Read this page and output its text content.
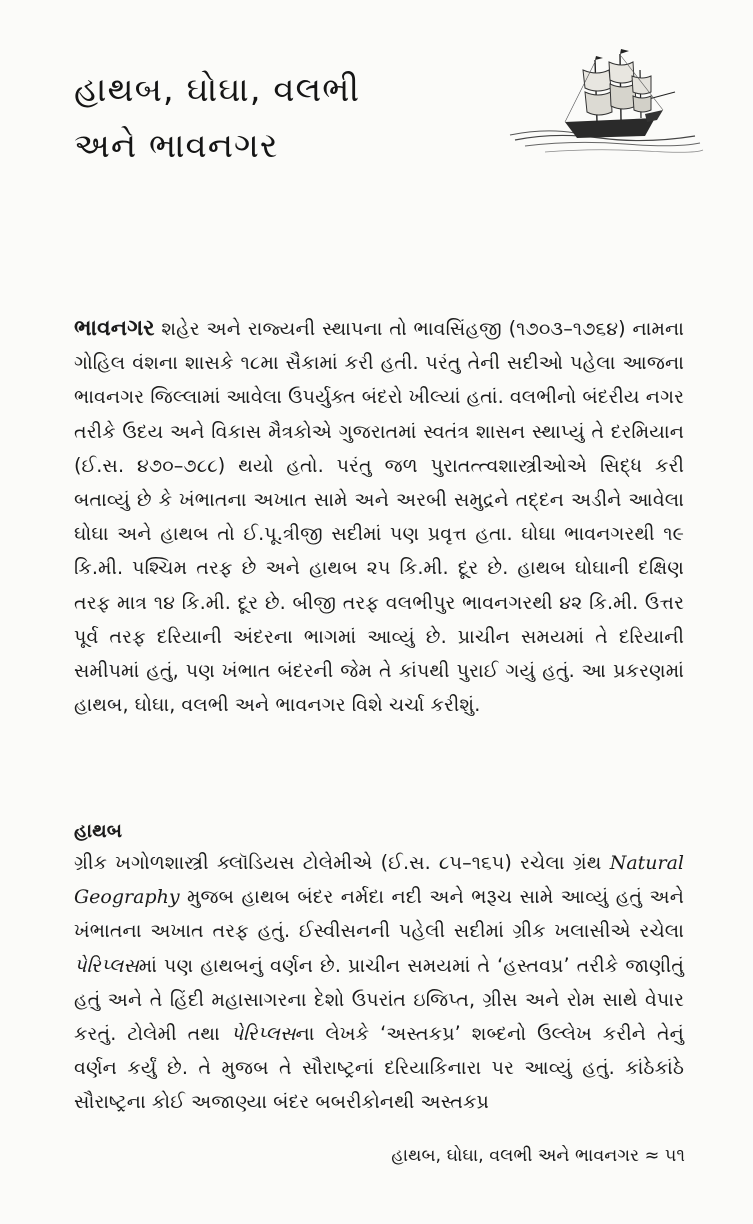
હાથબ, ઘોઘા, વલભી
અને ભાવનગર
ભાવનગર શહેર અને રાજ્યની સ્થાપના તો ભાવસિંહજી (૧૭૦૩–૧૭૬૪) નામના ગોહિલ વંશના શાસકે ૧૮મા સૈકામાં કરી હતી. પરંતુ તેની સદીઓ પહેલા આજના ભાવનગર જિલ્લામાં આવેલા ઉપર્યુક્ત બંદરો ખીલ્યાં હતાં. વલભીનો બંદરીય નગર તરીકે ઉદય અને વિકાસ મૈત્રકોએ ગુજરાતમાં સ્વતંત્ર શાસન સ્થાપ્યું તે દરમિયાન (ઈ.સ. ૪૭૦–૭૮૮) થયો હતો. પરંતુ જળ પુરાતત્ત્વશાસ્ત્રીઓએ સિદ્ધ કરી બતાવ્યું છે કે ખંભાતના અખાત સામે અને અરબી સમુદ્રને તદ્દન અડીને આવેલા ઘોઘા અને હાથબ તો ઈ.પૂ.ત્રીજી સદીમાં પણ પ્રવૃત્ત હતા. ઘોઘા ભાવનગરથી ૧૯ કિ.મી. પશ્ચિમ તરફ છે અને હાથબ ૨૫ કિ.મી. દૂર છે. હાથબ ઘોઘાની દક્ષિણ તરફ માત્ર ૧૪ કિ.મી. દૂર છે. બીજી તરફ વલભીપુર ભાવનગરથી ૪૨ કિ.મી. ઉત્તર પૂર્વ તરફ દરિયાની અંદરના ભાગમાં આવ્યું છે. પ્રાચીન સમયમાં તે દરિયાની સમીપમાં હતું, પણ ખંભાત બંદરની જેમ તે કાંપથી પુરાઈ ગયું હતું. આ પ્રકરણમાં હાથબ, ઘોઘા, વલભી અને ભાવનગર વિશે ચર્ચા કરીશું.
હાથબ
ગ્રીક ખગોળશાસ્ત્રી ક્લૉડિયસ ટોલેમીએ (ઈ.સ. ૮૫–૧૬૫) રચેલા ગ્રંથ Natural Geography મુજબ હાથબ બંદર નર્મદા નદી અને ભરૂચ સામે આવ્યું હતું અને ખંભાતના અખાત તરફ હતું. ઈસ્વીસનની પહેલી સદીમાં ગ્રીક ખલાસીએ રચેલા પેરિપ્લસમાં પણ હાથબનું વર્ણન છે. પ્રાચીન સમયમાં તે ‘હસ્તવપ્ર’ તરીકે જાણીતું હતું અને તે હિંદી મહાસાગરના દેશો ઉપરાંત ઇજિપ્ત, ગ્રીસ અને રોમ સાથે વેપાર કરતું. ટોલેમી તથા પેરિપ્લસના લેખકે ‘અસ્તકપ્ર’ શબ્દનો ઉલ્લેખ કરીને તેનું વર્ણન કર્યું છે. તે મુજબ તે સૌરાષ્ટ્રનાં દરિયાકિનારા પર આવ્યું હતું. કાંઠેકાંઠે સૌરાષ્ટ્રના કોઈ અજાણ્યા બંદર બબરીકોનથી અસ્તકપ્ર
હાથબ, ઘોઘા, વલભી અને ભાવનગર ≈ ૫૧
